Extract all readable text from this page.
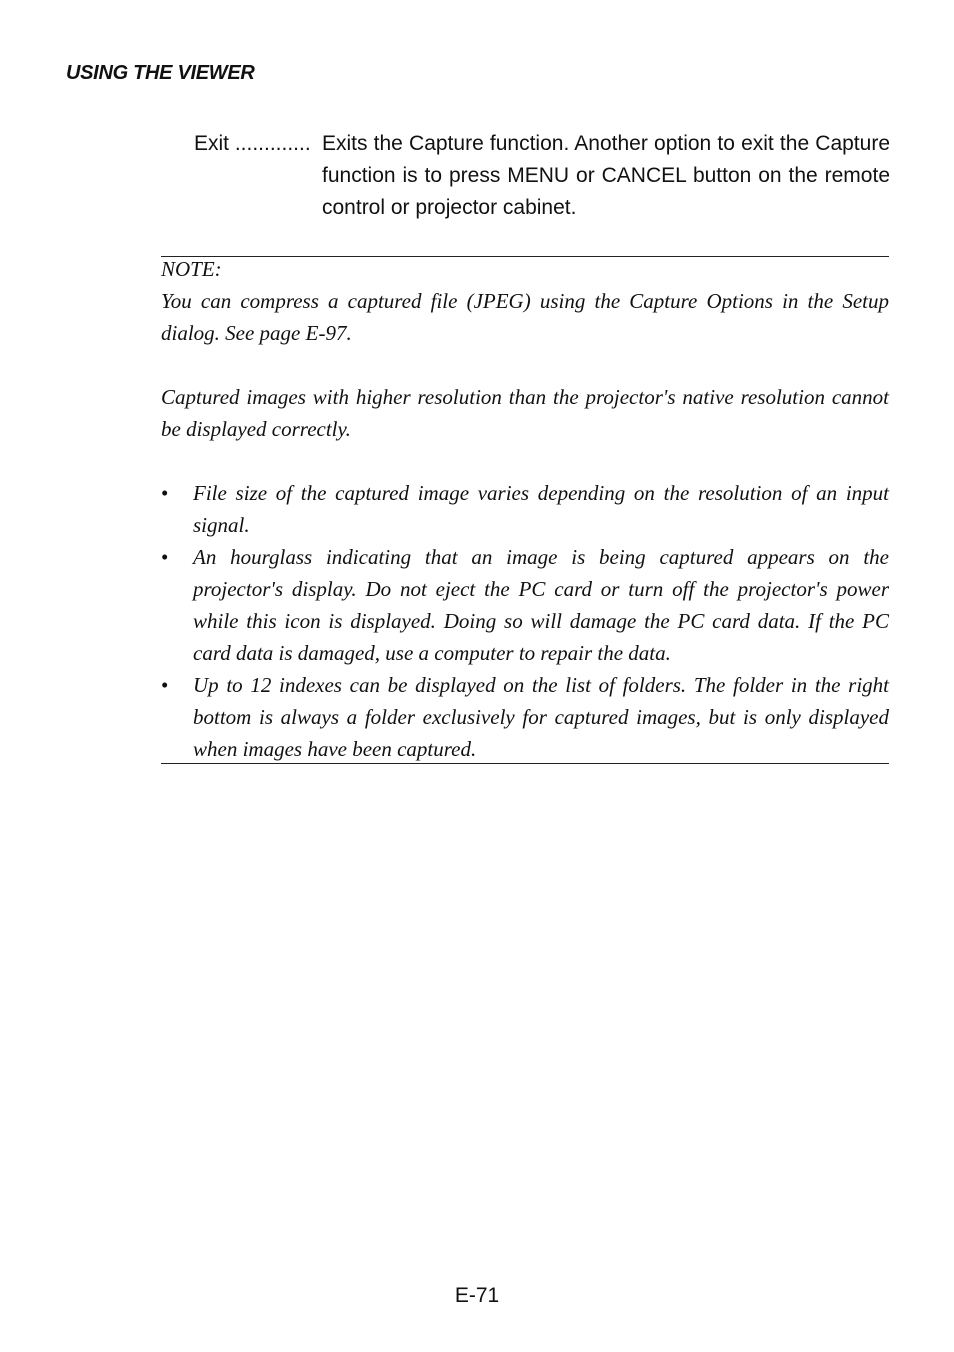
USING THE VIEWER
Exit ............. Exits the Capture function. Another option to exit the Capture function is to press MENU or CANCEL button on the remote control or projector cabinet.

NOTE:

You can compress a captured file (JPEG) using the Capture Options in the Setup dialog. See page E-97.

Captured images with higher resolution than the projector's native resolution cannot be displayed correctly.

• File size of the captured image varies depending on the resolution of an input signal.
• An hourglass indicating that an image is being captured appears on the projector's display. Do not eject the PC card or turn off the projector's power while this icon is displayed. Doing so will damage the PC card data. If the PC card data is damaged, use a computer to repair the data.
• Up to 12 indexes can be displayed on the list of folders. The folder in the right bottom is always a folder exclusively for captured images, but is only displayed when images have been captured.
E-71
